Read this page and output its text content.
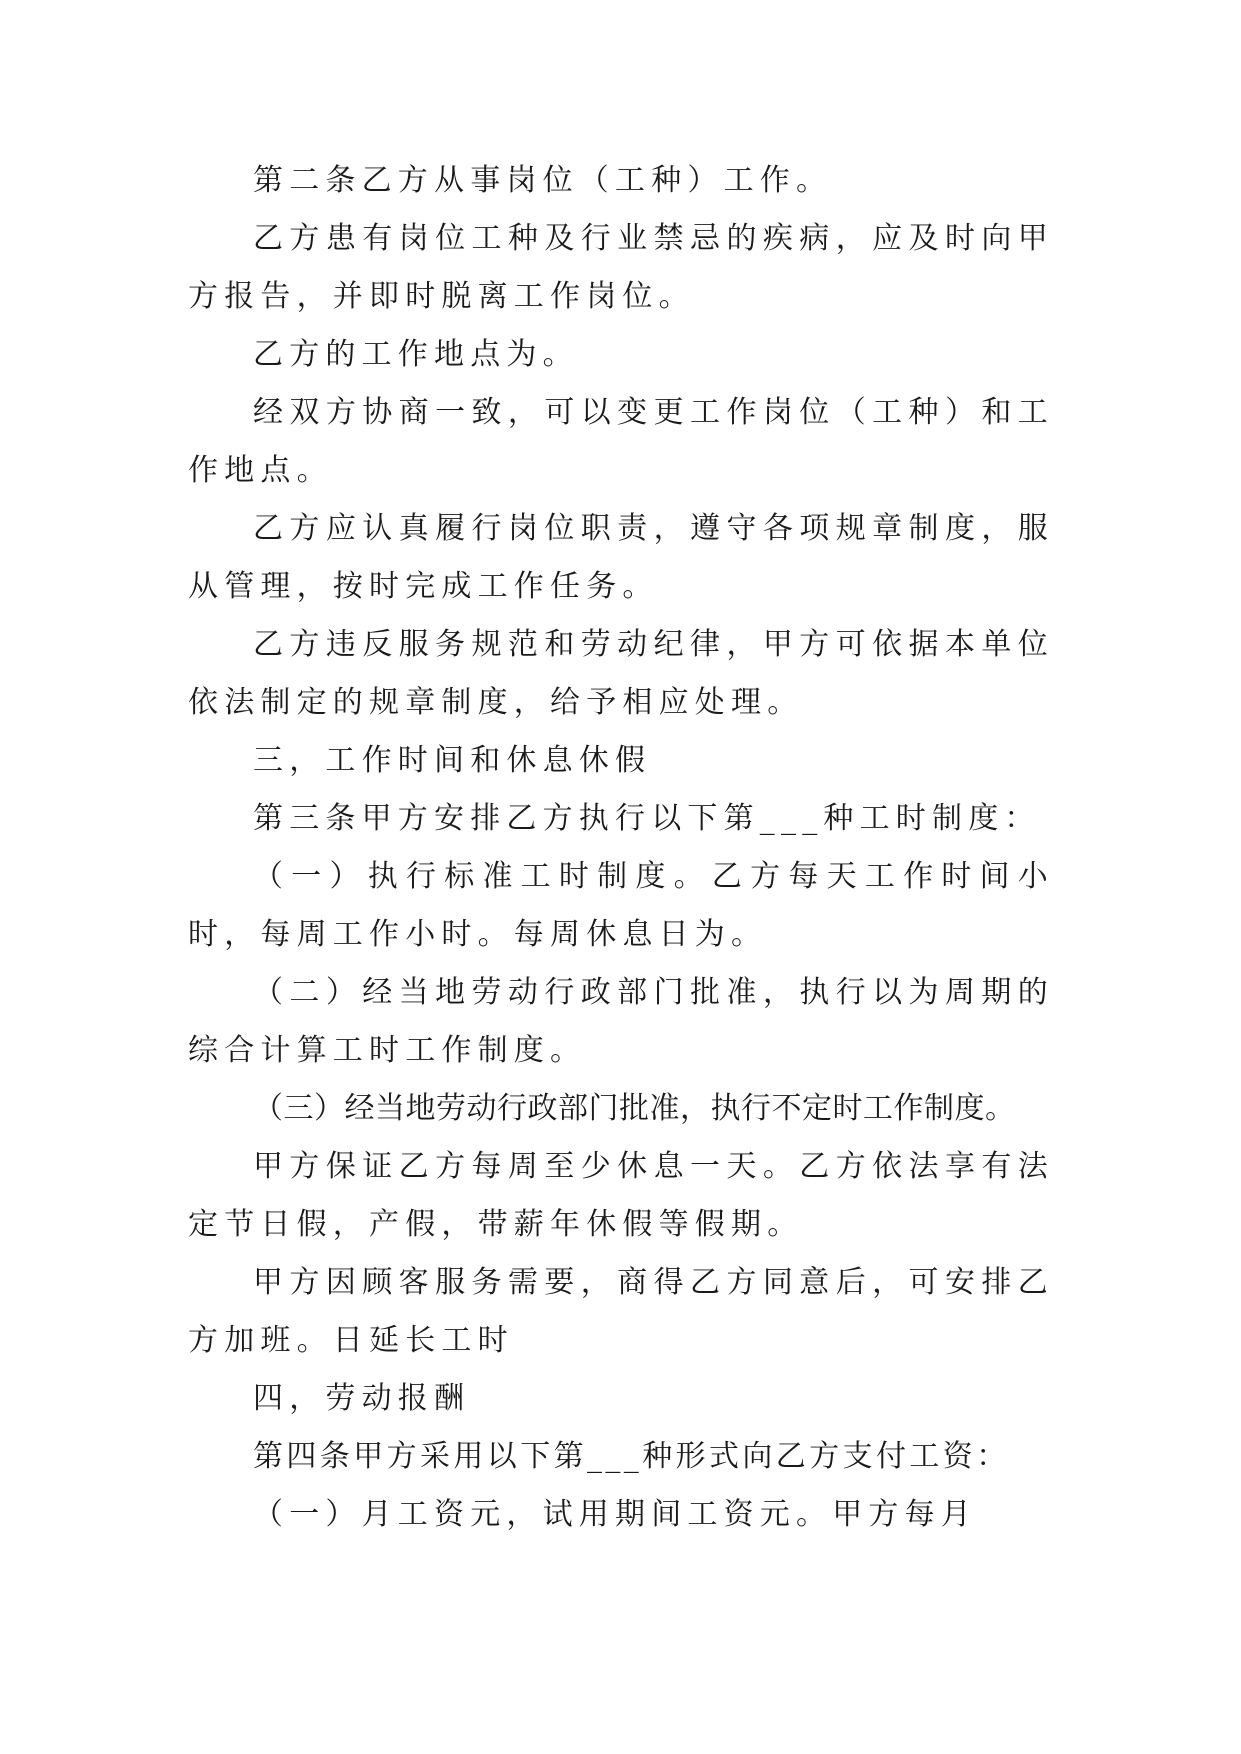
第二条乙方从事岗位（工种）工作。

乙方患有岗位工种及行业禁忌的疾病，应及时向甲方报告，并即时脱离工作岗位。

乙方的工作地点为。

经双方协商一致，可以变更工作岗位（工种）和工作地点。

乙方应认真履行岗位职责，遵守各项规章制度，服从管理，按时完成工作任务。

乙方违反服务规范和劳动纪律，甲方可依据本单位依法制定的规章制度，给予相应处理。

三，工作时间和休息休假

第三条甲方安排乙方执行以下第___种工时制度：

（一）执行标准工时制度。乙方每天工作时间小时，每周工作小时。每周休息日为。

（二）经当地劳动行政部门批准，执行以为周期的综合计算工时工作制度。

（三）经当地劳动行政部门批准，执行不定时工作制度。

甲方保证乙方每周至少休息一天。乙方依法享有法定节日假，产假，带薪年休假等假期。

甲方因顾客服务需要，商得乙方同意后，可安排乙方加班。日延长工时

四，劳动报酬

第四条甲方采用以下第___种形式向乙方支付工资：

（一）月工资元，试用期间工资元。甲方每月
